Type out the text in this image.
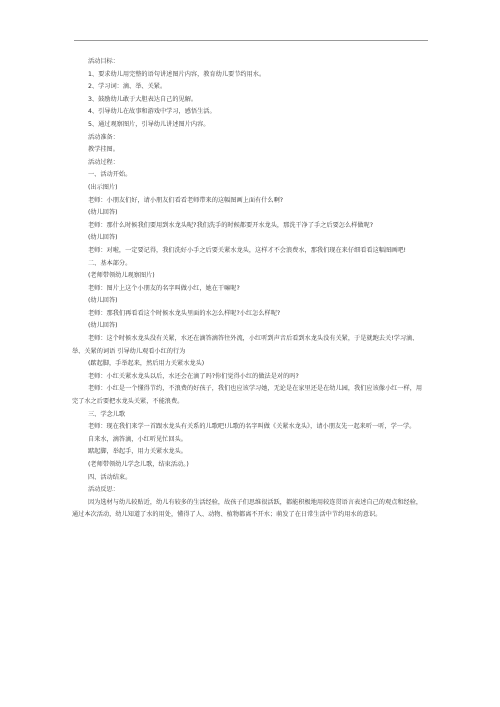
活动目标：

1、要求幼儿用完整的语句讲述图片内容，教育幼儿要节约用水。

2、学习词：滴、举、关紧。

3、鼓励幼儿敢于大胆表达自己的见解。

4、引导幼儿在故事和游戏中学习，感悟生活。

5、通过观察图片，引导幼儿讲述图片内容。

活动准备：

教学挂图。

活动过程：

一、活动开始。

(出示图片)

老师：小朋友们好，请小朋友们看看老师带来的这幅图画上面有什么啊?

(幼儿回答)

老师：那什么时候我们要用到水龙头呢?我们洗手的时候都要开水龙头，那洗干净了手之后要怎么样做呢?

(幼儿回答)

老师：对啦，一定要记得，我们洗好小手之后要关紧水龙头，这样才不会浪费水，那我们现在来仔细看看这幅图画吧!

二、基本部分。

(老师带领幼儿观察图片)

老师：图片上这个小朋友的名字叫做小红，她在干嘛呢?

(幼儿回答)

老师：那我们再看看这个时候水龙头里面的水怎么样呢?小红怎么样呢?

(幼儿回答)

老师：这个时候水龙头没有关紧，水还在滴答滴答往外流，小红听到声音后看到水龙头没有关紧，于是就跑去关!学习滴、举、关紧的词语 引导幼儿观看小红的行为

(踮起脚，手举起来，然后用力关紧水龙头)

老师：小红关紧水龙头以后，水还会在滴了吗?你们觉得小红的做法是对的吗?

老师：小红是一个懂得节约，不浪费的好孩子，我们也应该学习她，无论是在家里还是在幼儿园，我们应该像小红一样，用完了水之后要把水龙头关紧，不能浪费。

三、学念儿歌

老师：现在我们来学一首跟水龙头有关系的儿歌吧!儿歌的名字叫做《关紧水龙头》，请小朋友先一起来听一听，学一学。

自来水，滴答滴，小红听见忙回头。

踮起脚，举起手，用力关紧水龙头。

(老师带领幼儿学念儿歌，结束活动。)

四、活动结束。

活动反思：

因为选材与幼儿较贴近，幼儿有较多的生活经验，故孩子们思维很活跃，都能积极地用较连贯语言表述自己的观点和经验，通过本次活动，幼儿知道了水的用处，懂得了人、动物、植物都离不开水；萌发了在日常生活中节约用水的意识。
